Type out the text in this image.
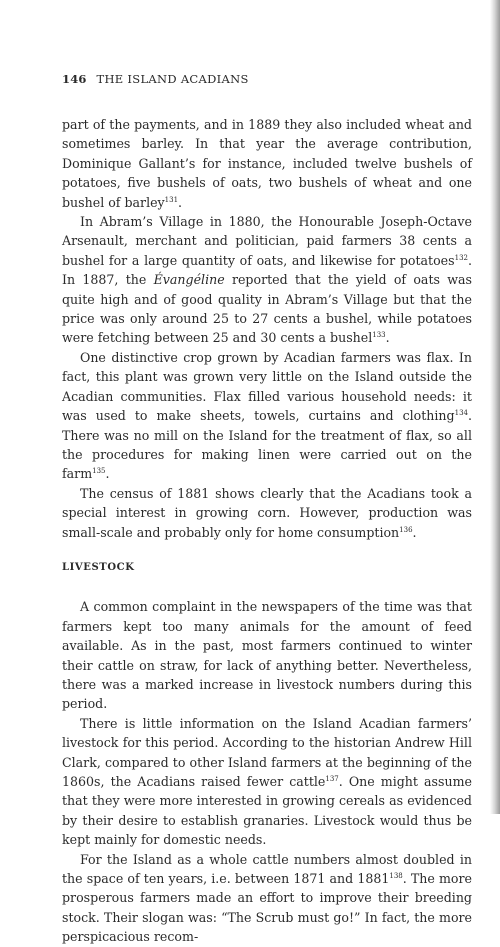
146 THE ISLAND ACADIANS

part of the payments, and in 1889 they also included wheat and sometimes barley. In that year the average contribution, Dominique Gallant’s for instance, included twelve bushels of potatoes, five bushels of oats, two bushels of wheat and one bushel of barley$^{131}$.

In Abram’s Village in 1880, the Honourable Joseph-Octave Arsenault, merchant and politician, paid farmers 38 cents a bushel for a large quantity of oats, and likewise for potatoes$^{132}$. In 1887, the Évangéline reported that the yield of oats was quite high and of good quality in Abram’s Village but that the price was only around 25 to 27 cents a bushel, while potatoes were fetching between 25 and 30 cents a bushel$^{133}$.

One distinctive crop grown by Acadian farmers was flax. In fact, this plant was grown very little on the Island outside the Acadian communities. Flax filled various household needs: it was used to make sheets, towels, curtains and clothing$^{134}$. There was no mill on the Island for the treatment of flax, so all the procedures for making linen were carried out on the farm$^{135}$.

The census of 1881 shows clearly that the Acadians took a special interest in growing corn. However, production was small-scale and probably only for home consumption$^{136}$.

LIVESTOCK

A common complaint in the newspapers of the time was that farmers kept too many animals for the amount of feed available. As in the past, most farmers continued to winter their cattle on straw, for lack of anything better. Nevertheless, there was a marked increase in livestock numbers during this period.

There is little information on the Island Acadian farmers’ livestock for this period. According to the historian Andrew Hill Clark, compared to other Island farmers at the beginning of the 1860s, the Acadians raised fewer cattle$^{137}$. One might assume that they were more interested in growing cereals as evidenced by their desire to establish granaries. Livestock would thus be kept mainly for domestic needs.

For the Island as a whole cattle numbers almost doubled in the space of ten years, i.e. between 1871 and 1881$^{138}$. The more prosperous farmers made an effort to improve their breeding stock. Their slogan was: “The Scrub must go!” In fact, the more perspicacious recom-
